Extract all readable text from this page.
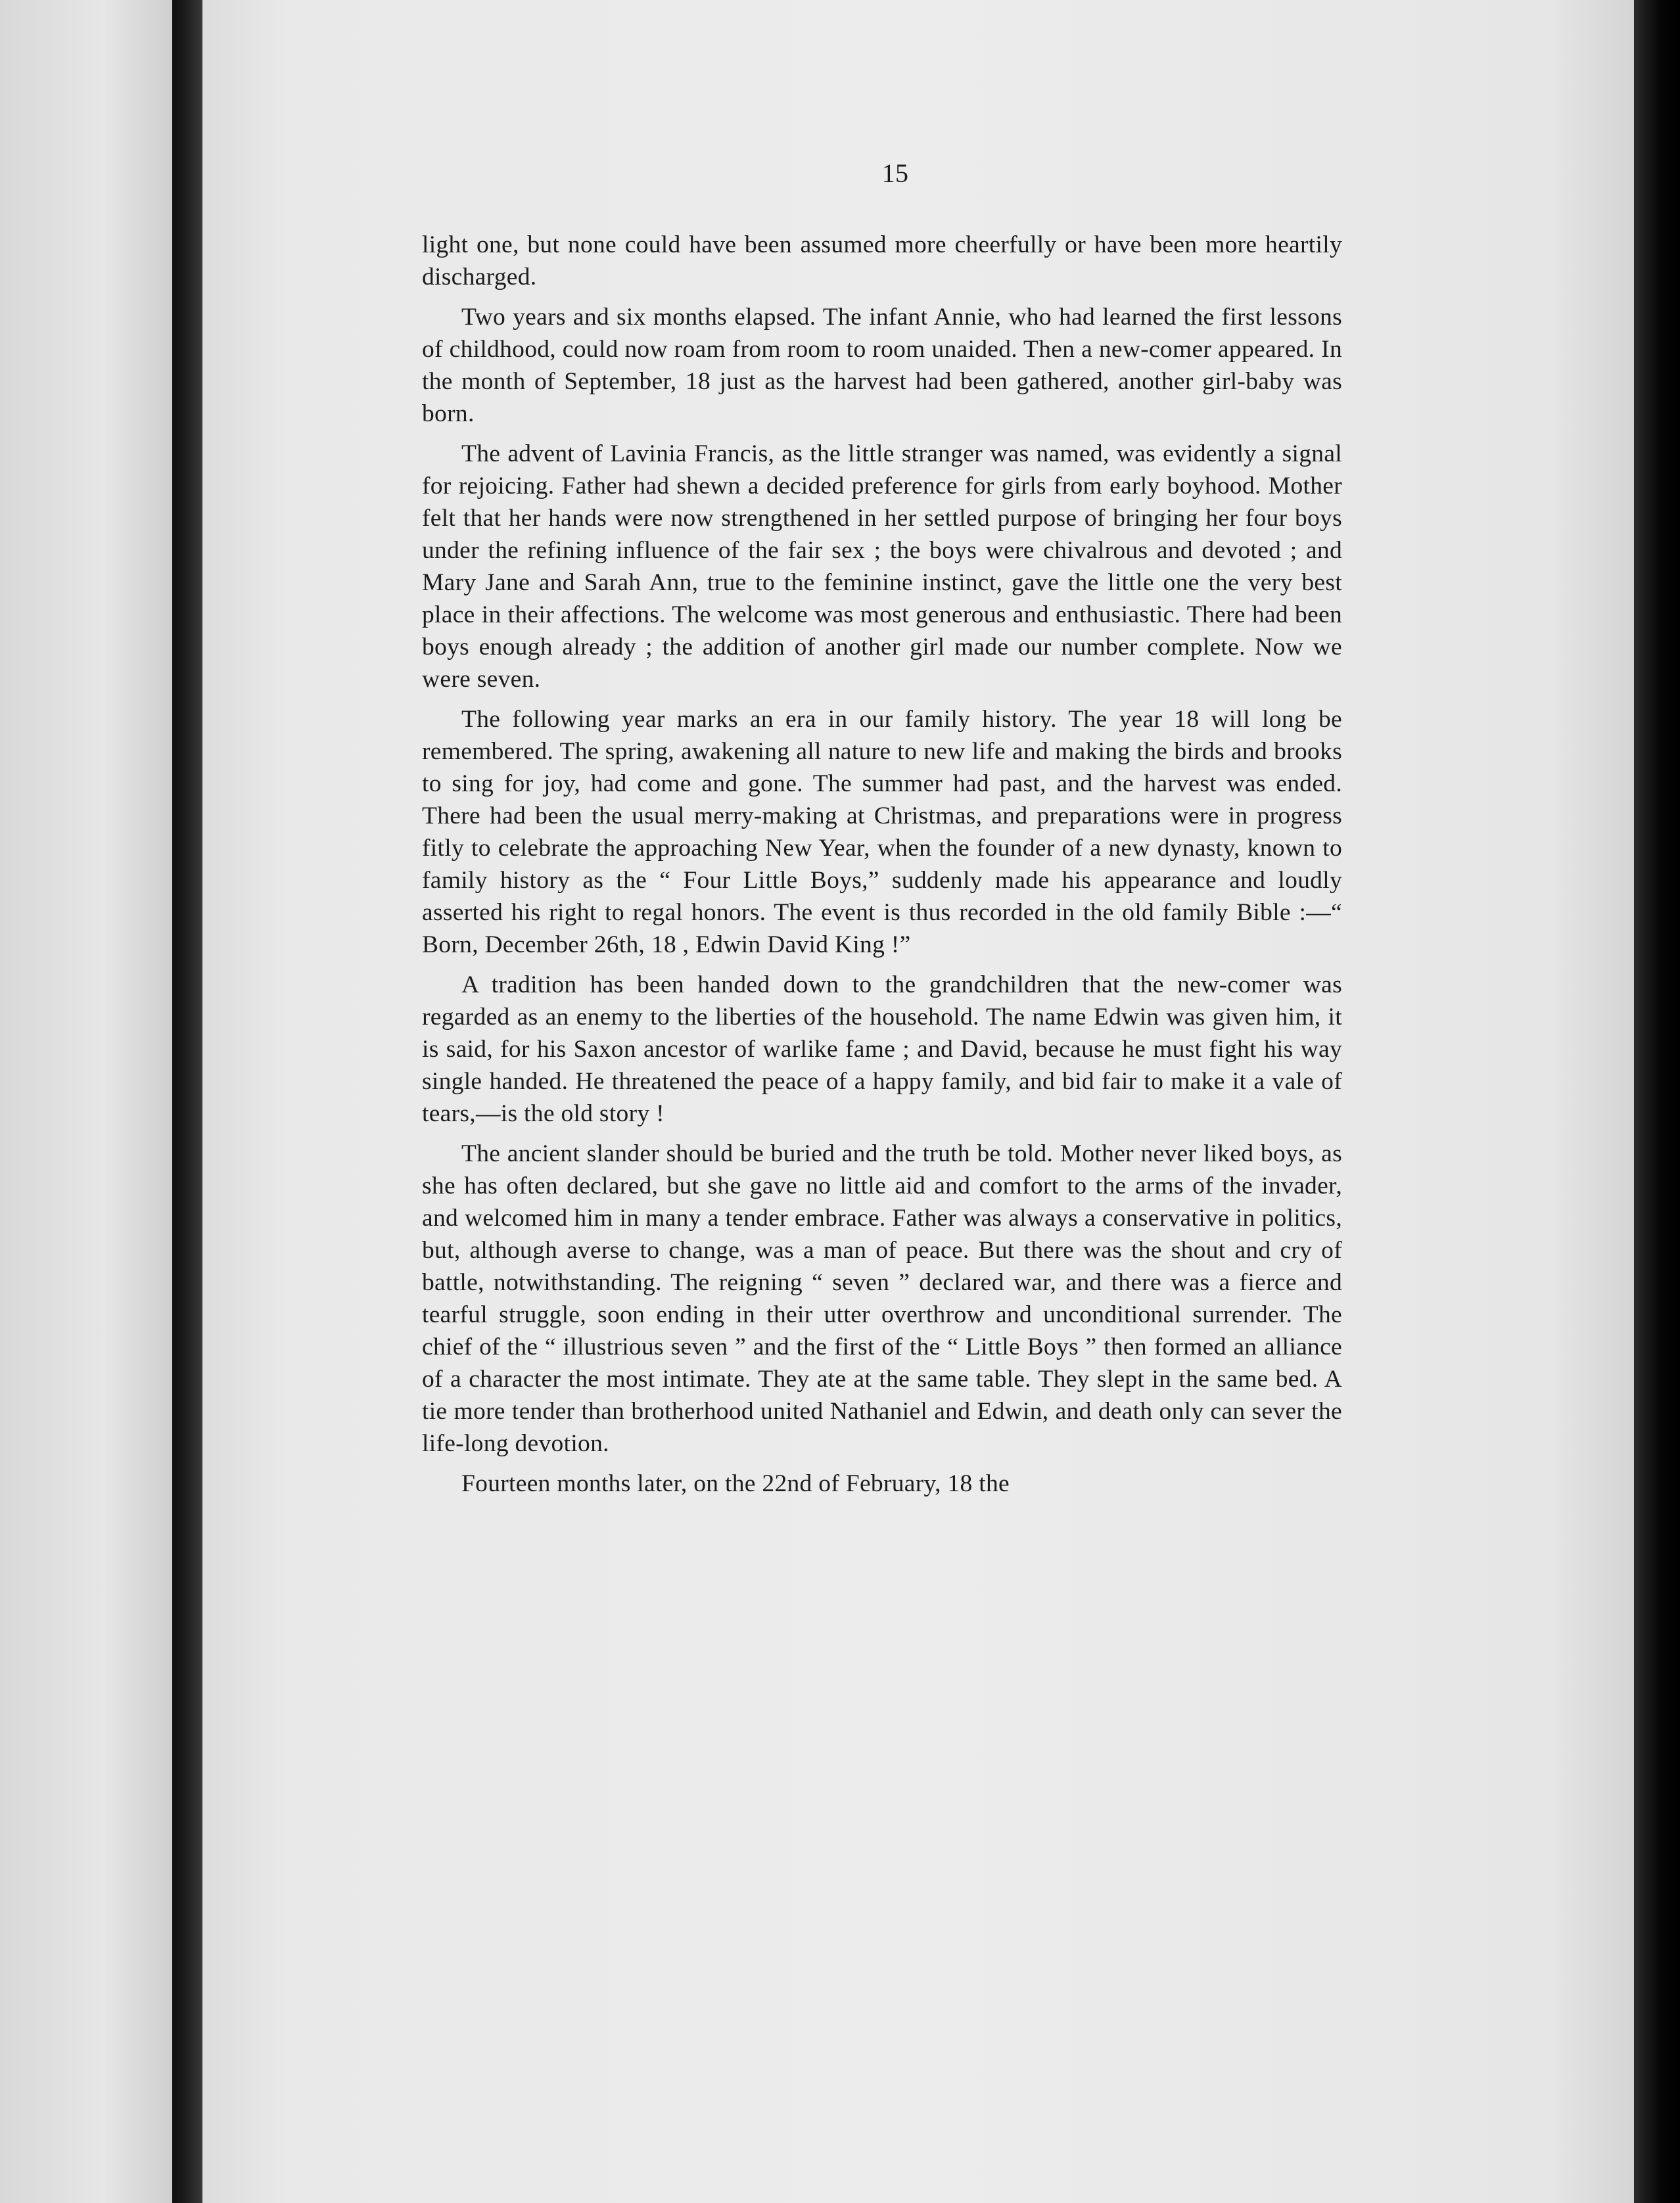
15

light one, but none could have been assumed more cheerfully or have been more heartily discharged.

Two years and six months elapsed. The infant Annie, who had learned the first lessons of childhood, could now roam from room to room unaided. Then a new-comer appeared. In the month of September, 18 just as the harvest had been gathered, another girl-baby was born.

The advent of Lavinia Francis, as the little stranger was named, was evidently a signal for rejoicing. Father had shewn a decided preference for girls from early boyhood. Mother felt that her hands were now strengthened in her settled purpose of bringing her four boys under the refining influence of the fair sex ; the boys were chivalrous and devoted ; and Mary Jane and Sarah Ann, true to the feminine instinct, gave the little one the very best place in their affections. The welcome was most generous and enthusiastic. There had been boys enough already ; the addition of another girl made our number complete. Now we were seven.

The following year marks an era in our family history. The year 18 will long be remembered. The spring, awakening all nature to new life and making the birds and brooks to sing for joy, had come and gone. The summer had past, and the harvest was ended. There had been the usual merry-making at Christmas, and preparations were in progress fitly to celebrate the approaching New Year, when the founder of a new dynasty, known to family history as the “ Four Little Boys,” suddenly made his appearance and loudly asserted his right to regal honors. The event is thus recorded in the old family Bible :—“ Born, December 26th, 18 , Edwin David King !”

A tradition has been handed down to the grandchildren that the new-comer was regarded as an enemy to the liberties of the household. The name Edwin was given him, it is said, for his Saxon ancestor of warlike fame ; and David, because he must fight his way single handed. He threatened the peace of a happy family, and bid fair to make it a vale of tears,—is the old story !

The ancient slander should be buried and the truth be told. Mother never liked boys, as she has often declared, but she gave no little aid and comfort to the arms of the invader, and welcomed him in many a tender embrace. Father was always a conservative in politics, but, although averse to change, was a man of peace. But there was the shout and cry of battle, notwithstanding. The reigning “ seven ” declared war, and there was a fierce and tearful struggle, soon ending in their utter overthrow and unconditional surrender. The chief of the “ illustrious seven ” and the first of the “ Little Boys ” then formed an alliance of a character the most intimate. They ate at the same table. They slept in the same bed. A tie more tender than brotherhood united Nathaniel and Edwin, and death only can sever the life-long devotion.

Fourteen months later, on the 22nd of February, 18 the
